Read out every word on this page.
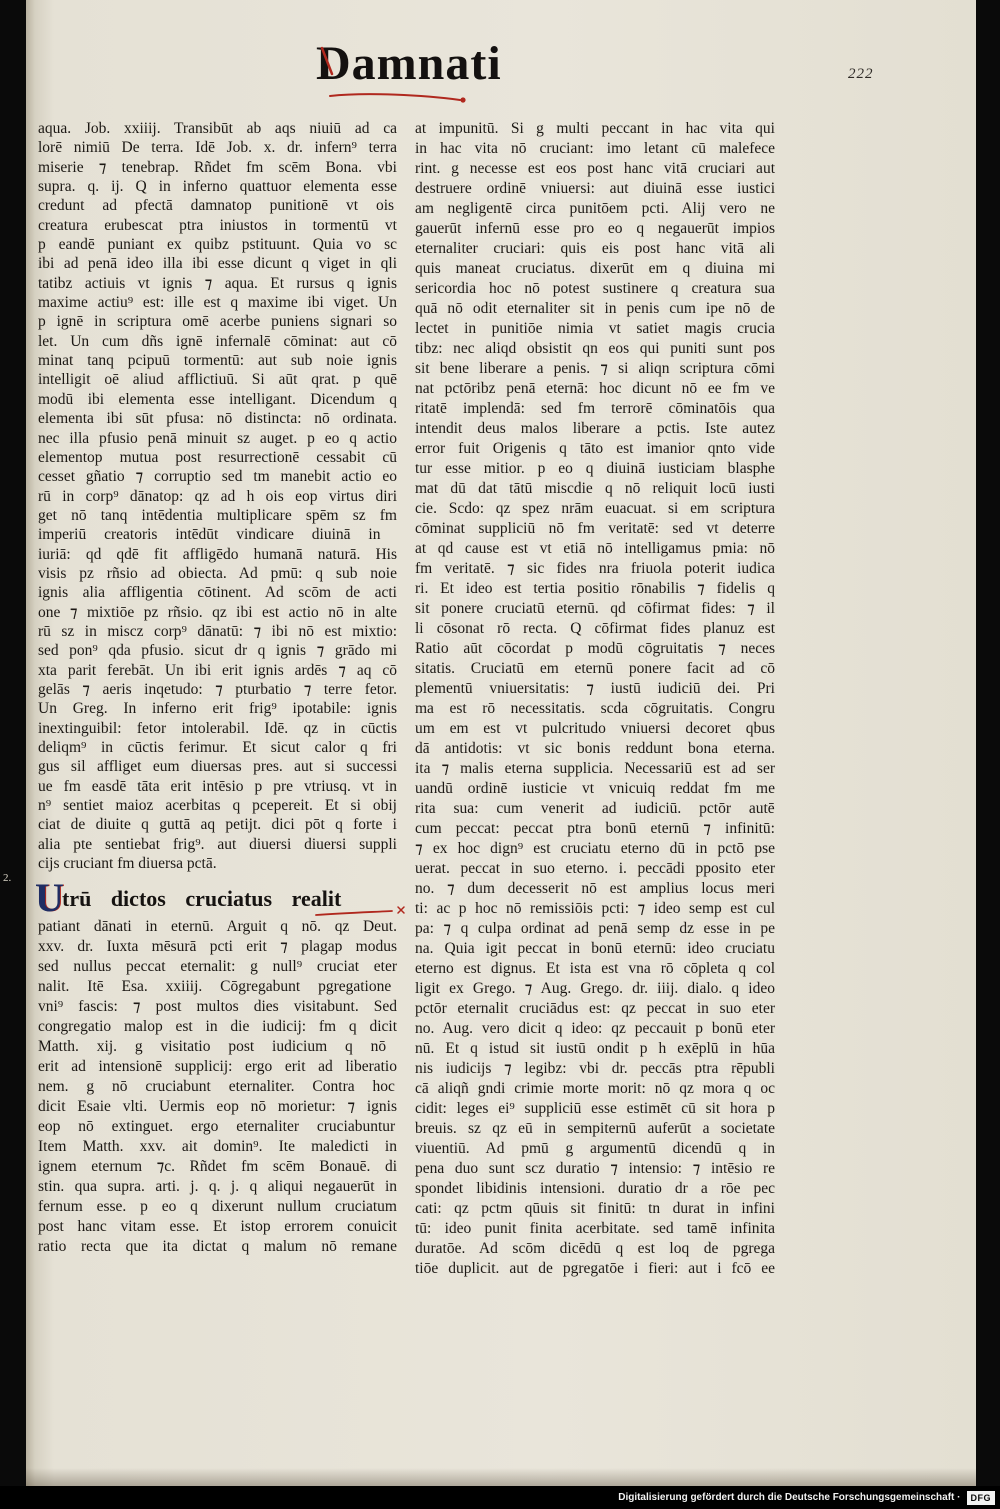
Damnati	222
2.
aqua. Job. xxiiij. Transibūt ab aqs niuiū ad ca
lorē nimiū De terra. Idē Job. x. dr. infern⁹ terra
miserie ⁊ tenebrap. Rñdet fm scēm Bona. vbi
supra. q. ij. Q in inferno quattuor elementa esse
credunt ad pfectā damnatop punitionē vt ois
creatura erubescat ptra iniustos in tormentū vt
p eandē puniant ex quibz pstituunt. Quia vo sc
ibi ad penā ideo illa ibi esse dicunt q viget in qli
tatibz actiuis vt ignis ⁊ aqua. Et rursus q ignis
maxime actiu⁹ est: ille est q maxime ibi viget. Un
p ignē in scriptura omē acerbe puniens signari so
let. Un cum dñs ignē infernalē cōminat: aut cō
minat tanq pcipuū tormentū: aut sub noie ignis
intelligit oē aliud afflictiuū. Si aūt qrat. p quē
modū ibi elementa esse intelligant. Dicendum q
elementa ibi sūt pfusa: nō distincta: nō ordinata.
nec illa pfusio penā minuit sz auget. p eo q actio
elementop mutua post resurrectionē cessabit cū
cesset gñatio ⁊ corruptio sed tm manebit actio eo
rū in corp⁹ dānatop: qz ad h ois eop virtus diri
get nō tanq intēdentia multiplicare spēm sz fm
imperiū creatoris intēdūt vindicare diuinā in
iuriā: qd qdē fit affligēdo humanā naturā. His
visis pz rñsio ad obiecta. Ad pmū: q sub noie
ignis alia affligentia cōtinent. Ad scōm de acti
one ⁊ mixtiōe pz rñsio. qz ibi est actio nō in alte
rū sz in miscz corp⁹ dānatū: ⁊ ibi nō est mixtio:
sed pon⁹ qda pfusio. sicut dr q ignis ⁊ grādo mi
xta parit ferebāt. Un ibi erit ignis ardēs ⁊ aq cō
gelās ⁊ aeris inqetudo: ⁊ pturbatio ⁊ terre fetor.
Un Greg. In inferno erit frig⁹ ipotabile: ignis
inextinguibil: fetor intolerabil. Idē. qz in cūctis
deliqm⁹ in cūctis ferimur. Et sicut calor q fri
gus sil affliget eum diuersas pres. aut si successi
ue fm easdē tāta erit intēsio p pre vtriusq. vt in
n⁹ sentiet maioz acerbitas q pcepereit. Et si obij
ciat de diuite q guttā aq petijt. dici pōt q forte i
alia pte sentiebat frig⁹. aut diuersi diuersi suppli
cijs cruciant fm diuersa pctā.
U
trū dictos cruciatus realit
patiant dānati in eternū. Arguit q nō. qz Deut.
xxv. dr. Iuxta mēsurā pcti erit ⁊ plagap modus
sed nullus peccat eternalit: g null⁹ cruciat eter
nalit. Itē Esa. xxiiij. Cōgregabunt pgregatione
vni⁹ fascis: ⁊ post multos dies visitabunt. Sed
congregatio malop est in die iudicij: fm q dicit
Matth. xij. g visitatio post iudicium q nō
erit ad intensionē supplicij: ergo erit ad liberatio
nem. g nō cruciabunt eternaliter. Contra hoc
dicit Esaie vlti. Uermis eop nō morietur: ⁊ ignis
eop nō extinguet. ergo eternaliter cruciabuntur
Item Matth. xxv. ait domin⁹. Ite maledicti in
ignem eternum ⁊c. Rñdet fm scēm Bonauē. di
stin. qua supra. arti. j. q. j. q aliqui negauerūt in
fernum esse. p eo q dixerunt nullum cruciatum
post hanc vitam esse. Et istop errorem conuicit
ratio recta que ita dictat q malum nō remane
at impunitū. Si g multi peccant in hac vita qui
in hac vita nō cruciant: imo letant cū malefece
rint. g necesse est eos post hanc vitā cruciari aut
destruere ordinē vniuersi: aut diuinā esse iustici
am negligentē circa punitōem pcti. Alij vero ne
gauerūt infernū esse pro eo q negauerūt impios
eternaliter cruciari: quis eis post hanc vitā ali
quis maneat cruciatus. dixerūt em q diuina mi
sericordia hoc nō potest sustinere q creatura sua
quā nō odit eternaliter sit in penis cum ipe nō de
lectet in punitiōe nimia vt satiet magis crucia
tibz: nec aliqd obsistit qn eos qui puniti sunt pos
sit bene liberare a penis. ⁊ si aliqn scriptura cōmi
nat pctōribz penā eternā: hoc dicunt nō ee fm ve
ritatē implendā: sed fm terrorē cōminatōis qua
intendit deus malos liberare a pctis. Iste autez
error fuit Origenis q tāto est imanior qnto vide
tur esse mitior. p eo q diuinā iusticiam blasphe
mat dū dat tātū miscdie q nō reliquit locū iusti
cie. Scdo: qz spez nrām euacuat. si em scriptura
cōminat suppliciū nō fm veritatē: sed vt deterre
at qd cause est vt etiā nō intelligamus pmia: nō
fm veritatē. ⁊ sic fides nra friuola poterit iudica
ri. Et ideo est tertia positio rōnabilis ⁊ fidelis q
sit ponere cruciatū eternū. qd cōfirmat fides: ⁊ il
li cōsonat rō recta. Q cōfirmat fides planuz est
Ratio aūt cōcordat p modū cōgruitatis ⁊ neces
sitatis. Cruciatū em eternū ponere facit ad cō
plementū vniuersitatis: ⁊ iustū iudiciū dei. Pri
ma est rō necessitatis. scda cōgruitatis. Congru
um em est vt pulcritudo vniuersi decoret qbus
dā antidotis: vt sic bonis reddunt bona eterna.
ita ⁊ malis eterna supplicia. Necessariū est ad ser
uandū ordinē iusticie vt vnicuiq reddat fm me
rita sua: cum venerit ad iudiciū. pctōr autē
cum peccat: peccat ptra bonū eternū ⁊ infinitū:
⁊ ex hoc dign⁹ est cruciatu eterno dū in pctō pse
uerat. peccat in suo eterno. i. peccādi pposito eter
no. ⁊ dum decesserit nō est amplius locus meri
ti: ac p hoc nō remissiōis pcti: ⁊ ideo semp est cul
pa: ⁊ q culpa ordinat ad penā semp dz esse in pe
na. Quia igit peccat in bonū eternū: ideo cruciatu
eterno est dignus. Et ista est vna rō cōpleta q col
ligit ex Grego. ⁊ Aug. Grego. dr. iiij. dialo. q ideo
pctōr eternalit cruciādus est: qz peccat in suo eter
no. Aug. vero dicit q ideo: qz peccauit p bonū eter
nū. Et q istud sit iustū ondit p h exēplū in hūa
nis iudicijs ⁊ legibz: vbi dr. peccās ptra rēpubli
cā aliqñ gndi crimie morte morit: nō qz mora q oc
cidit: leges ei⁹ suppliciū esse estimēt cū sit hora p
breuis. sz qz eū in sempiternū auferūt a societate
viuentiū. Ad pmū g argumentū dicendū q in
pena duo sunt scz duratio ⁊ intensio: ⁊ intēsio re
spondet libidinis intensioni. duratio dr a rōe pec
cati: qz pctm qūuis sit finitū: tn durat in infini
tū: ideo punit finita acerbitate. sed tamē infinita
duratōe. Ad scōm dicēdū q est loq de pgrega
tiōe duplicit. aut de pgregatōe i fieri: aut i fcō ee
Digitalisierung gefördert durch die Deutsche Forschungsgemeinschaft ·	DFG
